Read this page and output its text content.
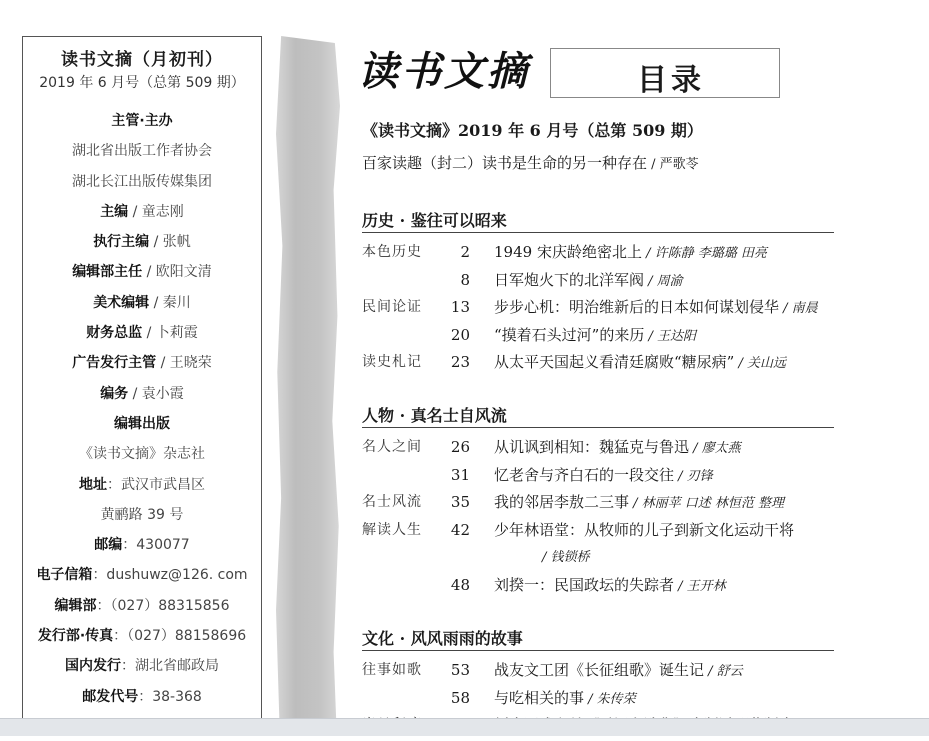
读书文摘（月初刊）
2019 年 6 月号（总第 509 期）
主管·主办
湖北省出版工作者协会
湖北长江出版传媒集团
主编 / 童志刚
执行主编 / 张帆
编辑部主任 / 欧阳文清
美术编辑 / 秦川
财务总监 / 卜莉霞
广告发行主管 / 王晓荣
编务 / 袁小霞
编辑出版
《读书文摘》杂志社
地址：武汉市武昌区
黄鹂路 39 号
邮编：430077
电子信箱：dushuwz@126. com
编辑部：（027）88315856
发行部·传真：（027）88158696
国内发行：湖北省邮政局
邮发代号：38-368
读书文摘	目录
《读书文摘》2019 年 6 月号（总第 509 期）
百家读趣（封二）读书是生命的另一种存在 / 严歌苓
历史 · 鉴往可以昭来
本色历史	2 1949 宋庆龄绝密北上 / 许陈静 李璐璐 田亮
8 日军炮火下的北洋军阀 / 周渝
民间论证	13 步步心机：明治维新后的日本如何谋划侵华 / 南晨
20 “摸着石头过河”的来历 / 王达阳
读史札记	23 从太平天国起义看清廷腐败“糖尿病” / 关山远
人物 · 真名士自风流
名人之间	26 从讥讽到相知：魏猛克与鲁迅 / 廖太燕
31 忆老舍与齐白石的一段交往 / 刃锋
名士风流	35 我的邻居李敖二三事 / 林丽苹 口述 林恒范 整理
解读人生	42 少年林语堂：从牧师的儿子到新文化运动干将
/ 钱锁桥
48 刘揆一：民国政坛的失踪者 / 王开林
文化 · 风风雨雨的故事
往事如歌	53 战友文工团《长征组歌》诞生记 / 舒云
58 与吃相关的事 / 朱传荣
